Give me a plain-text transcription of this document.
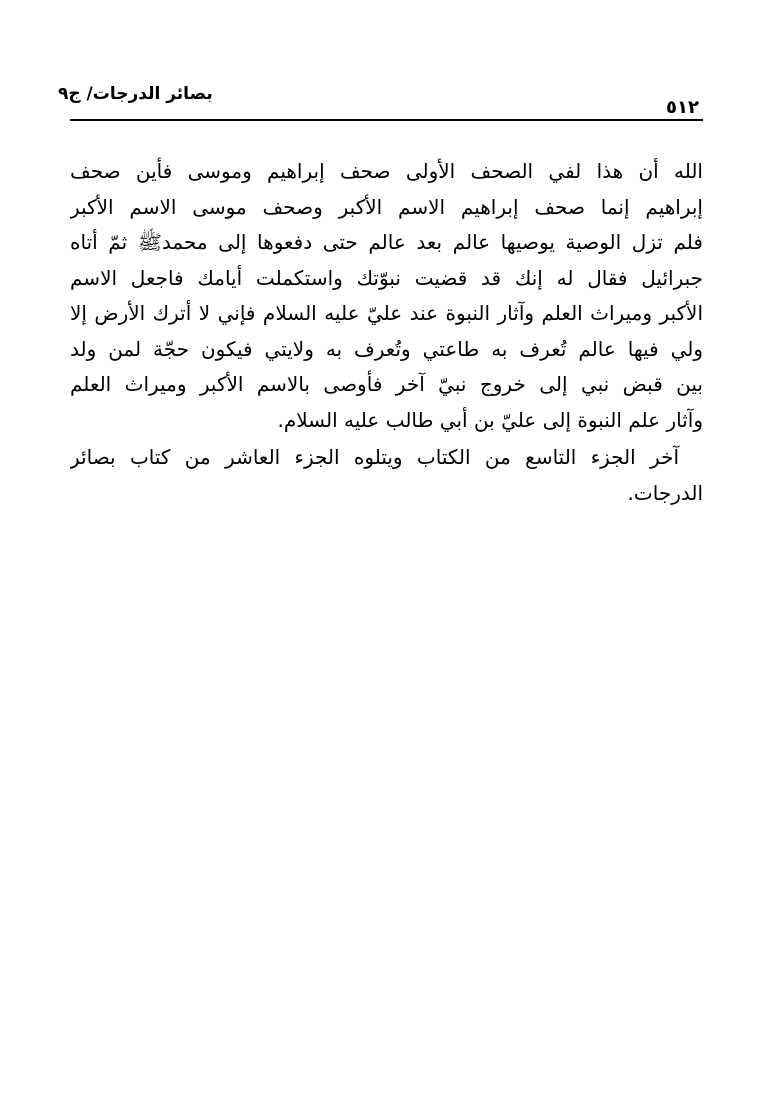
بصائر الدرجات/ ج٩
٥١٢
الله أن هذا لفي الصحف الأولى صحف إبراهيم وموسى فأين صحف
إبراهيم إنما صحف إبراهيم الاسم الأكبر وصحف موسى الاسم الأكبر
فلم تزل الوصية يوصيها عالم بعد عالم حتى دفعوها إلى محمدﷺ ثمّ أتاه
جبرائيل فقال له إنك قد قضيت نبوّتك واستكملت أيامك فاجعل الاسم
الأكبر وميراث العلم وآثار النبوة عند عليّ عليه السلام فإني لا أترك الأرض إلا
ولي فيها عالم تُعرف به طاعتي وتُعرف به ولايتي فيكون حجّة لمن ولد
بين قبض نبي إلى خروج نبيّ آخر فأوصى بالاسم الأكبر وميراث العلم
وآثار علم النبوة إلى عليّ بن أبي طالب عليه السلام.
آخر الجزء التاسع من الكتاب ويتلوه الجزء العاشر من كتاب بصائر
الدرجات.
